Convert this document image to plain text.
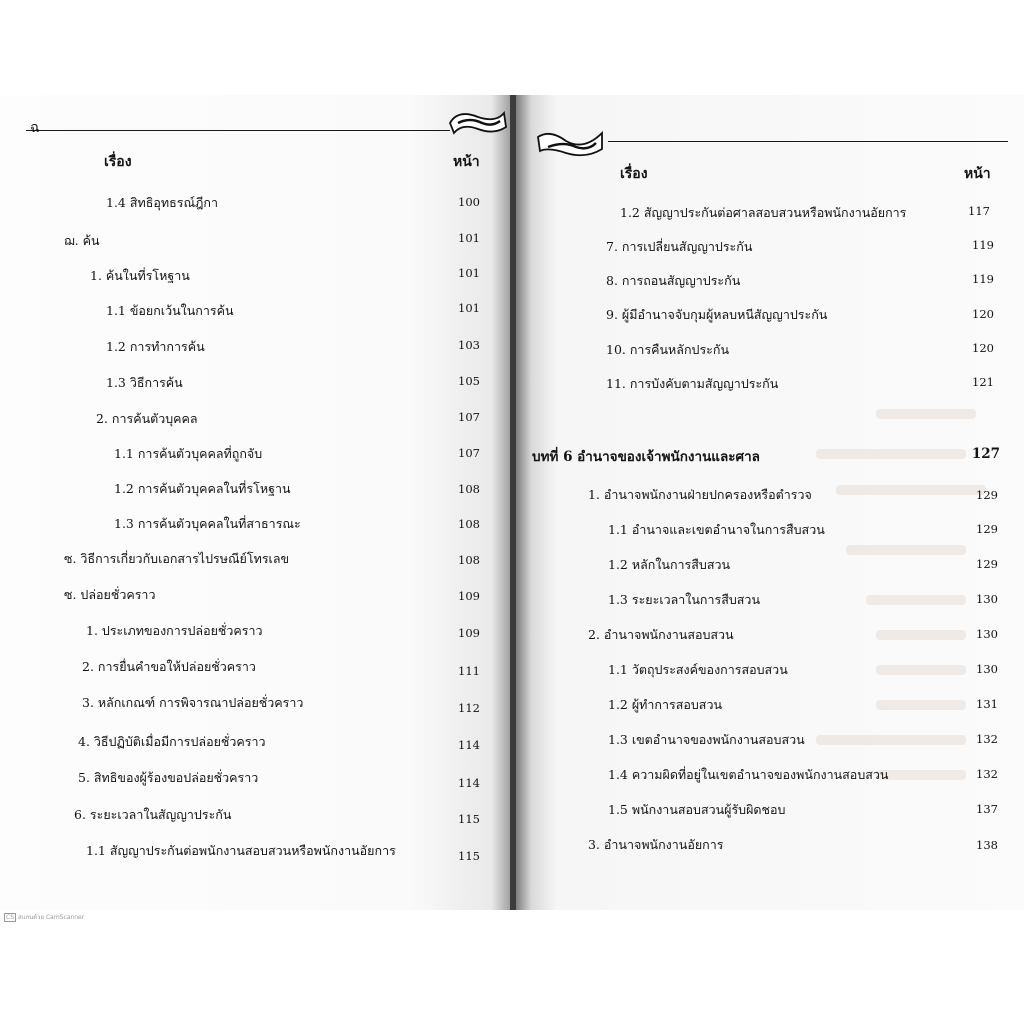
ฉ
เรื่อง	หน้า
1.4 สิทธิอุทธรณ์ฎีกา	100
ฌ. ค้น	101
1. ค้นในที่รโหฐาน	101
1.1 ข้อยกเว้นในการค้น	101
1.2 การทำการค้น	103
1.3 วิธีการค้น	105
2. การค้นตัวบุคคล	107
1.1 การค้นตัวบุคคลที่ถูกจับ	107
1.2 การค้นตัวบุคคลในที่รโหฐาน	108
1.3 การค้นตัวบุคคลในที่สาธารณะ	108
ซ. วิธีการเกี่ยวกับเอกสารไปรษณีย์โทรเลข	108
ซ. ปล่อยชั่วคราว	109
1. ประเภทของการปล่อยชั่วคราว	109
2. การยื่นคำขอให้ปล่อยชั่วคราว	111
3. หลักเกณฑ์ การพิจารณาปล่อยชั่วคราว	112
4. วิธีปฏิบัติเมื่อมีการปล่อยชั่วคราว	114
5. สิทธิของผู้ร้องขอปล่อยชั่วคราว	114
6. ระยะเวลาในสัญญาประกัน	115
1.1 สัญญาประกันต่อพนักงานสอบสวนหรือพนักงานอัยการ	115
เรื่อง	หน้า
1.2 สัญญาประกันต่อศาลสอบสวนหรือพนักงานอัยการ	117
7. การเปลี่ยนสัญญาประกัน	119
8. การถอนสัญญาประกัน	119
9. ผู้มีอำนาจจับกุมผู้หลบหนีสัญญาประกัน	120
10. การคืนหลักประกัน	120
11. การบังคับตามสัญญาประกัน	121
บทที่ 6 อำนาจของเจ้าพนักงานและศาล	127
1. อำนาจพนักงานฝ่ายปกครองหรือตำรวจ	129
1.1 อำนาจและเขตอำนาจในการสืบสวน	129
1.2 หลักในการสืบสวน	129
1.3 ระยะเวลาในการสืบสวน	130
2. อำนาจพนักงานสอบสวน	130
1.1 วัตถุประสงค์ของการสอบสวน	130
1.2 ผู้ทำการสอบสวน	131
1.3 เขตอำนาจของพนักงานสอบสวน	132
1.4 ความผิดที่อยู่ในเขตอำนาจของพนักงานสอบสวน	132
1.5 พนักงานสอบสวนผู้รับผิดชอบ	137
3. อำนาจพนักงานอัยการ	138
CS สแกนด้วย CamScanner
